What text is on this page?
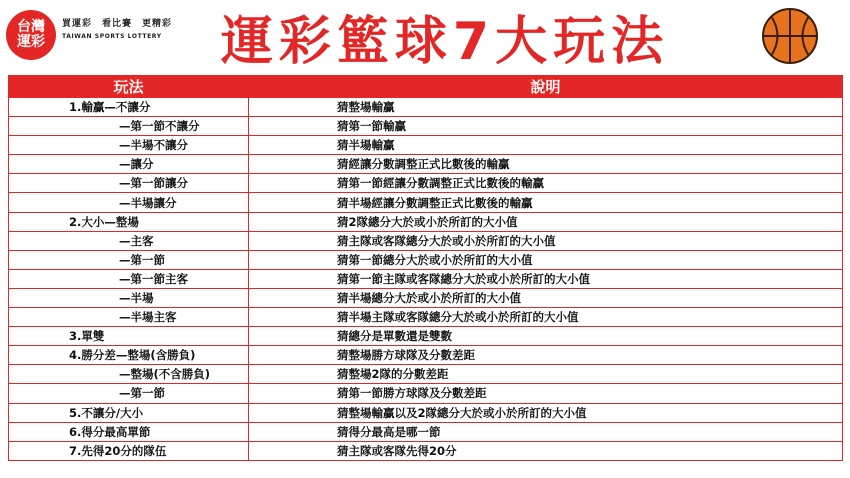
台灣
運彩
買運彩　看比賽　更精彩
TAIWAN SPORTS LOTTERY	運彩籃球7大玩法
玩法	說明
1.輸贏—不讓分	猜整場輸贏
—第一節不讓分	猜第一節輸贏
—半場不讓分	猜半場輸贏
—讓分	猜經讓分數調整正式比數後的輸贏
—第一節讓分	猜第一節經讓分數調整正式比數後的輸贏
—半場讓分	猜半場經讓分數調整正式比數後的輸贏
2.大小—整場	猜2隊總分大於或小於所訂的大小值
—主客	猜主隊或客隊總分大於或小於所訂的大小值
—第一節	猜第一節總分大於或小於所訂的大小值
—第一節主客	猜第一節主隊或客隊總分大於或小於所訂的大小值
—半場	猜半場總分大於或小於所訂的大小值
—半場主客	猜半場主隊或客隊總分大於或小於所訂的大小值
3.單雙	猜總分是單數還是雙數
4.勝分差—整場(含勝負)	猜整場勝方球隊及分數差距
—整場(不含勝負)	猜整場2隊的分數差距
—第一節	猜第一節勝方球隊及分數差距
5.不讓分/大小	猜整場輸贏以及2隊總分大於或小於所訂的大小值
6.得分最高單節	猜得分最高是哪一節
7.先得20分的隊伍	猜主隊或客隊先得20分
